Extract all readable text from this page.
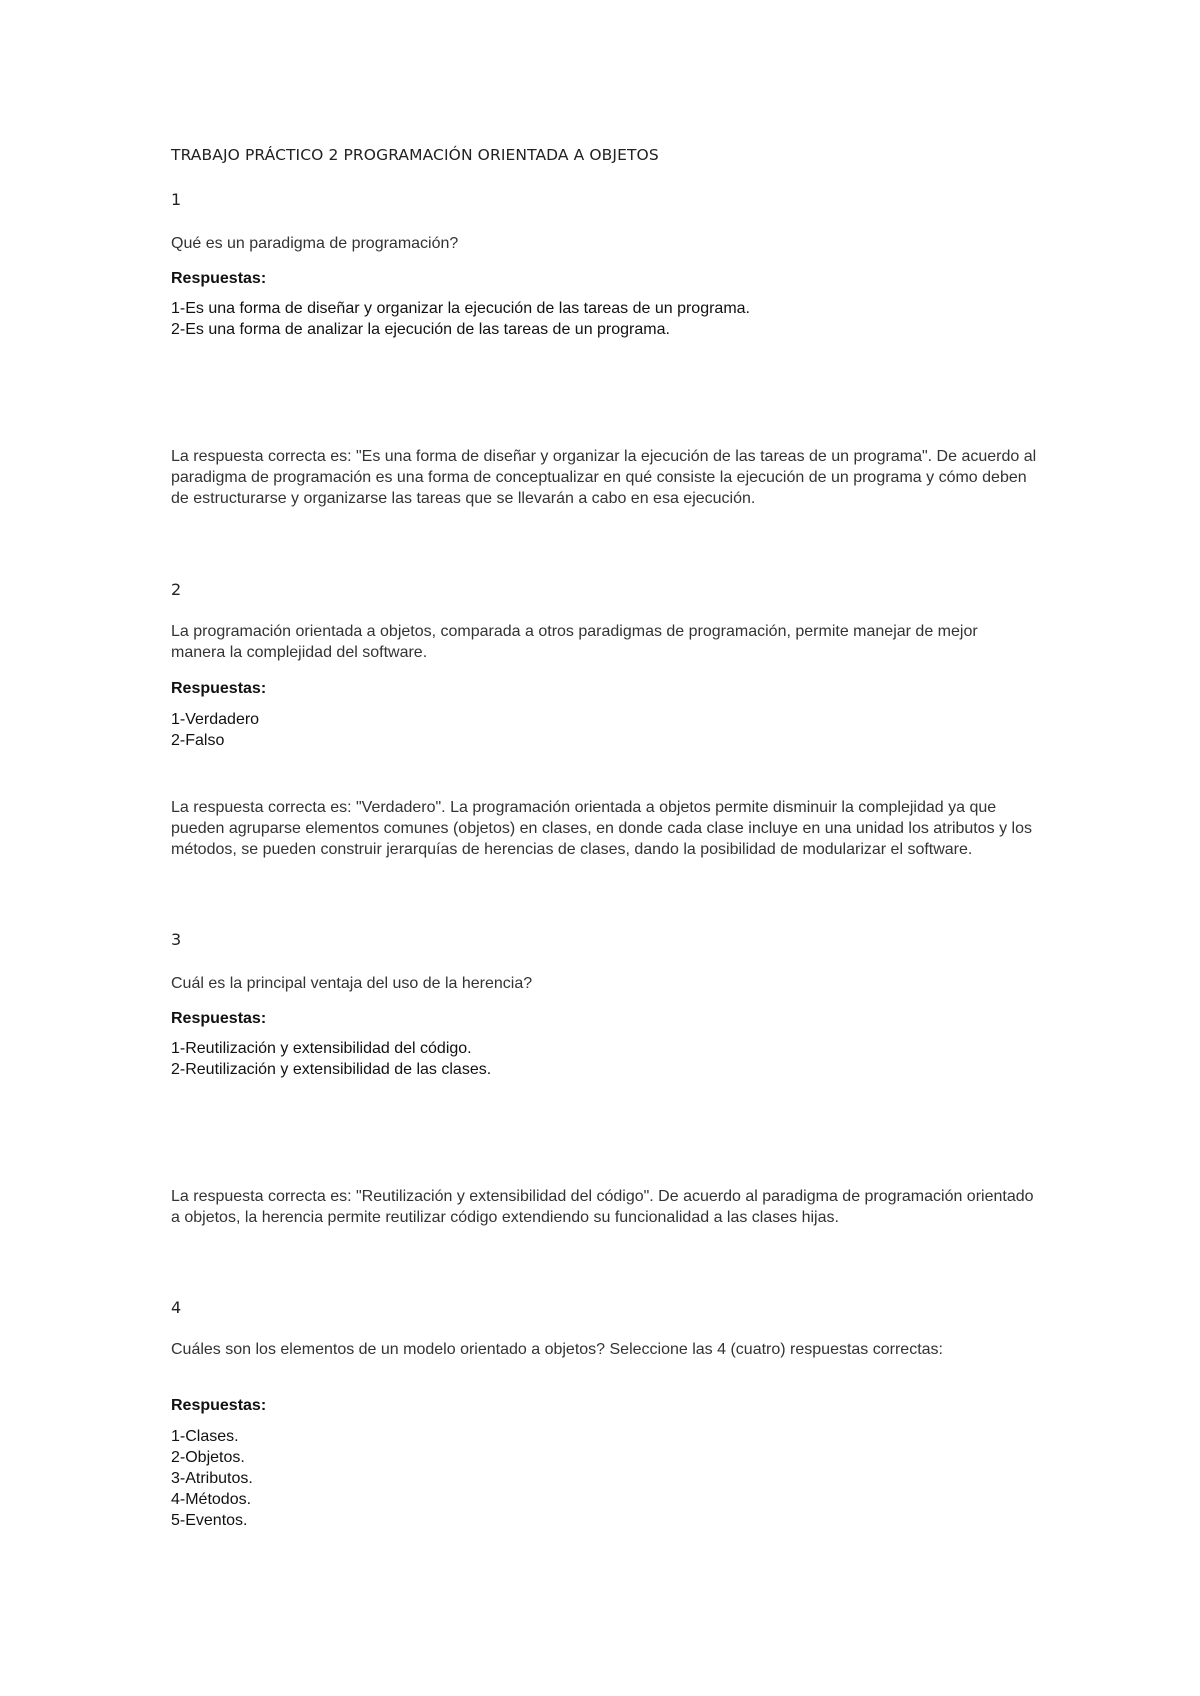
TRABAJO PRÁCTICO 2 PROGRAMACIÓN ORIENTADA A OBJETOS
1

Qué es un paradigma de programación?

Respuestas:

1-Es una forma de diseñar y organizar la ejecución de las tareas de un programa.
2-Es una forma de analizar la ejecución de las tareas de un programa.

La respuesta correcta es: "Es una forma de diseñar y organizar la ejecución de las tareas de un programa". De acuerdo al paradigma de programación es una forma de conceptualizar en qué consiste la ejecución de un programa y cómo deben de estructurarse y organizarse las tareas que se llevarán a cabo en esa ejecución.

2

La programación orientada a objetos, comparada a otros paradigmas de programación, permite manejar de mejor manera la complejidad del software.

Respuestas:

1-Verdadero
2-Falso

La respuesta correcta es: "Verdadero". La programación orientada a objetos permite disminuir la complejidad ya que pueden agruparse elementos comunes (objetos) en clases, en donde cada clase incluye en una unidad los atributos y los métodos, se pueden construir jerarquías de herencias de clases, dando la posibilidad de modularizar el software.

3

Cuál es la principal ventaja del uso de la herencia?

Respuestas:

1-Reutilización y extensibilidad del código.
2-Reutilización y extensibilidad de las clases.

La respuesta correcta es: "Reutilización y extensibilidad del código". De acuerdo al paradigma de programación orientado a objetos, la herencia permite reutilizar código extendiendo su funcionalidad a las clases hijas.

4

Cuáles son los elementos de un modelo orientado a objetos? Seleccione las 4 (cuatro) respuestas correctas:

Respuestas:

1-Clases.
2-Objetos.
3-Atributos.
4-Métodos.
5-Eventos.
